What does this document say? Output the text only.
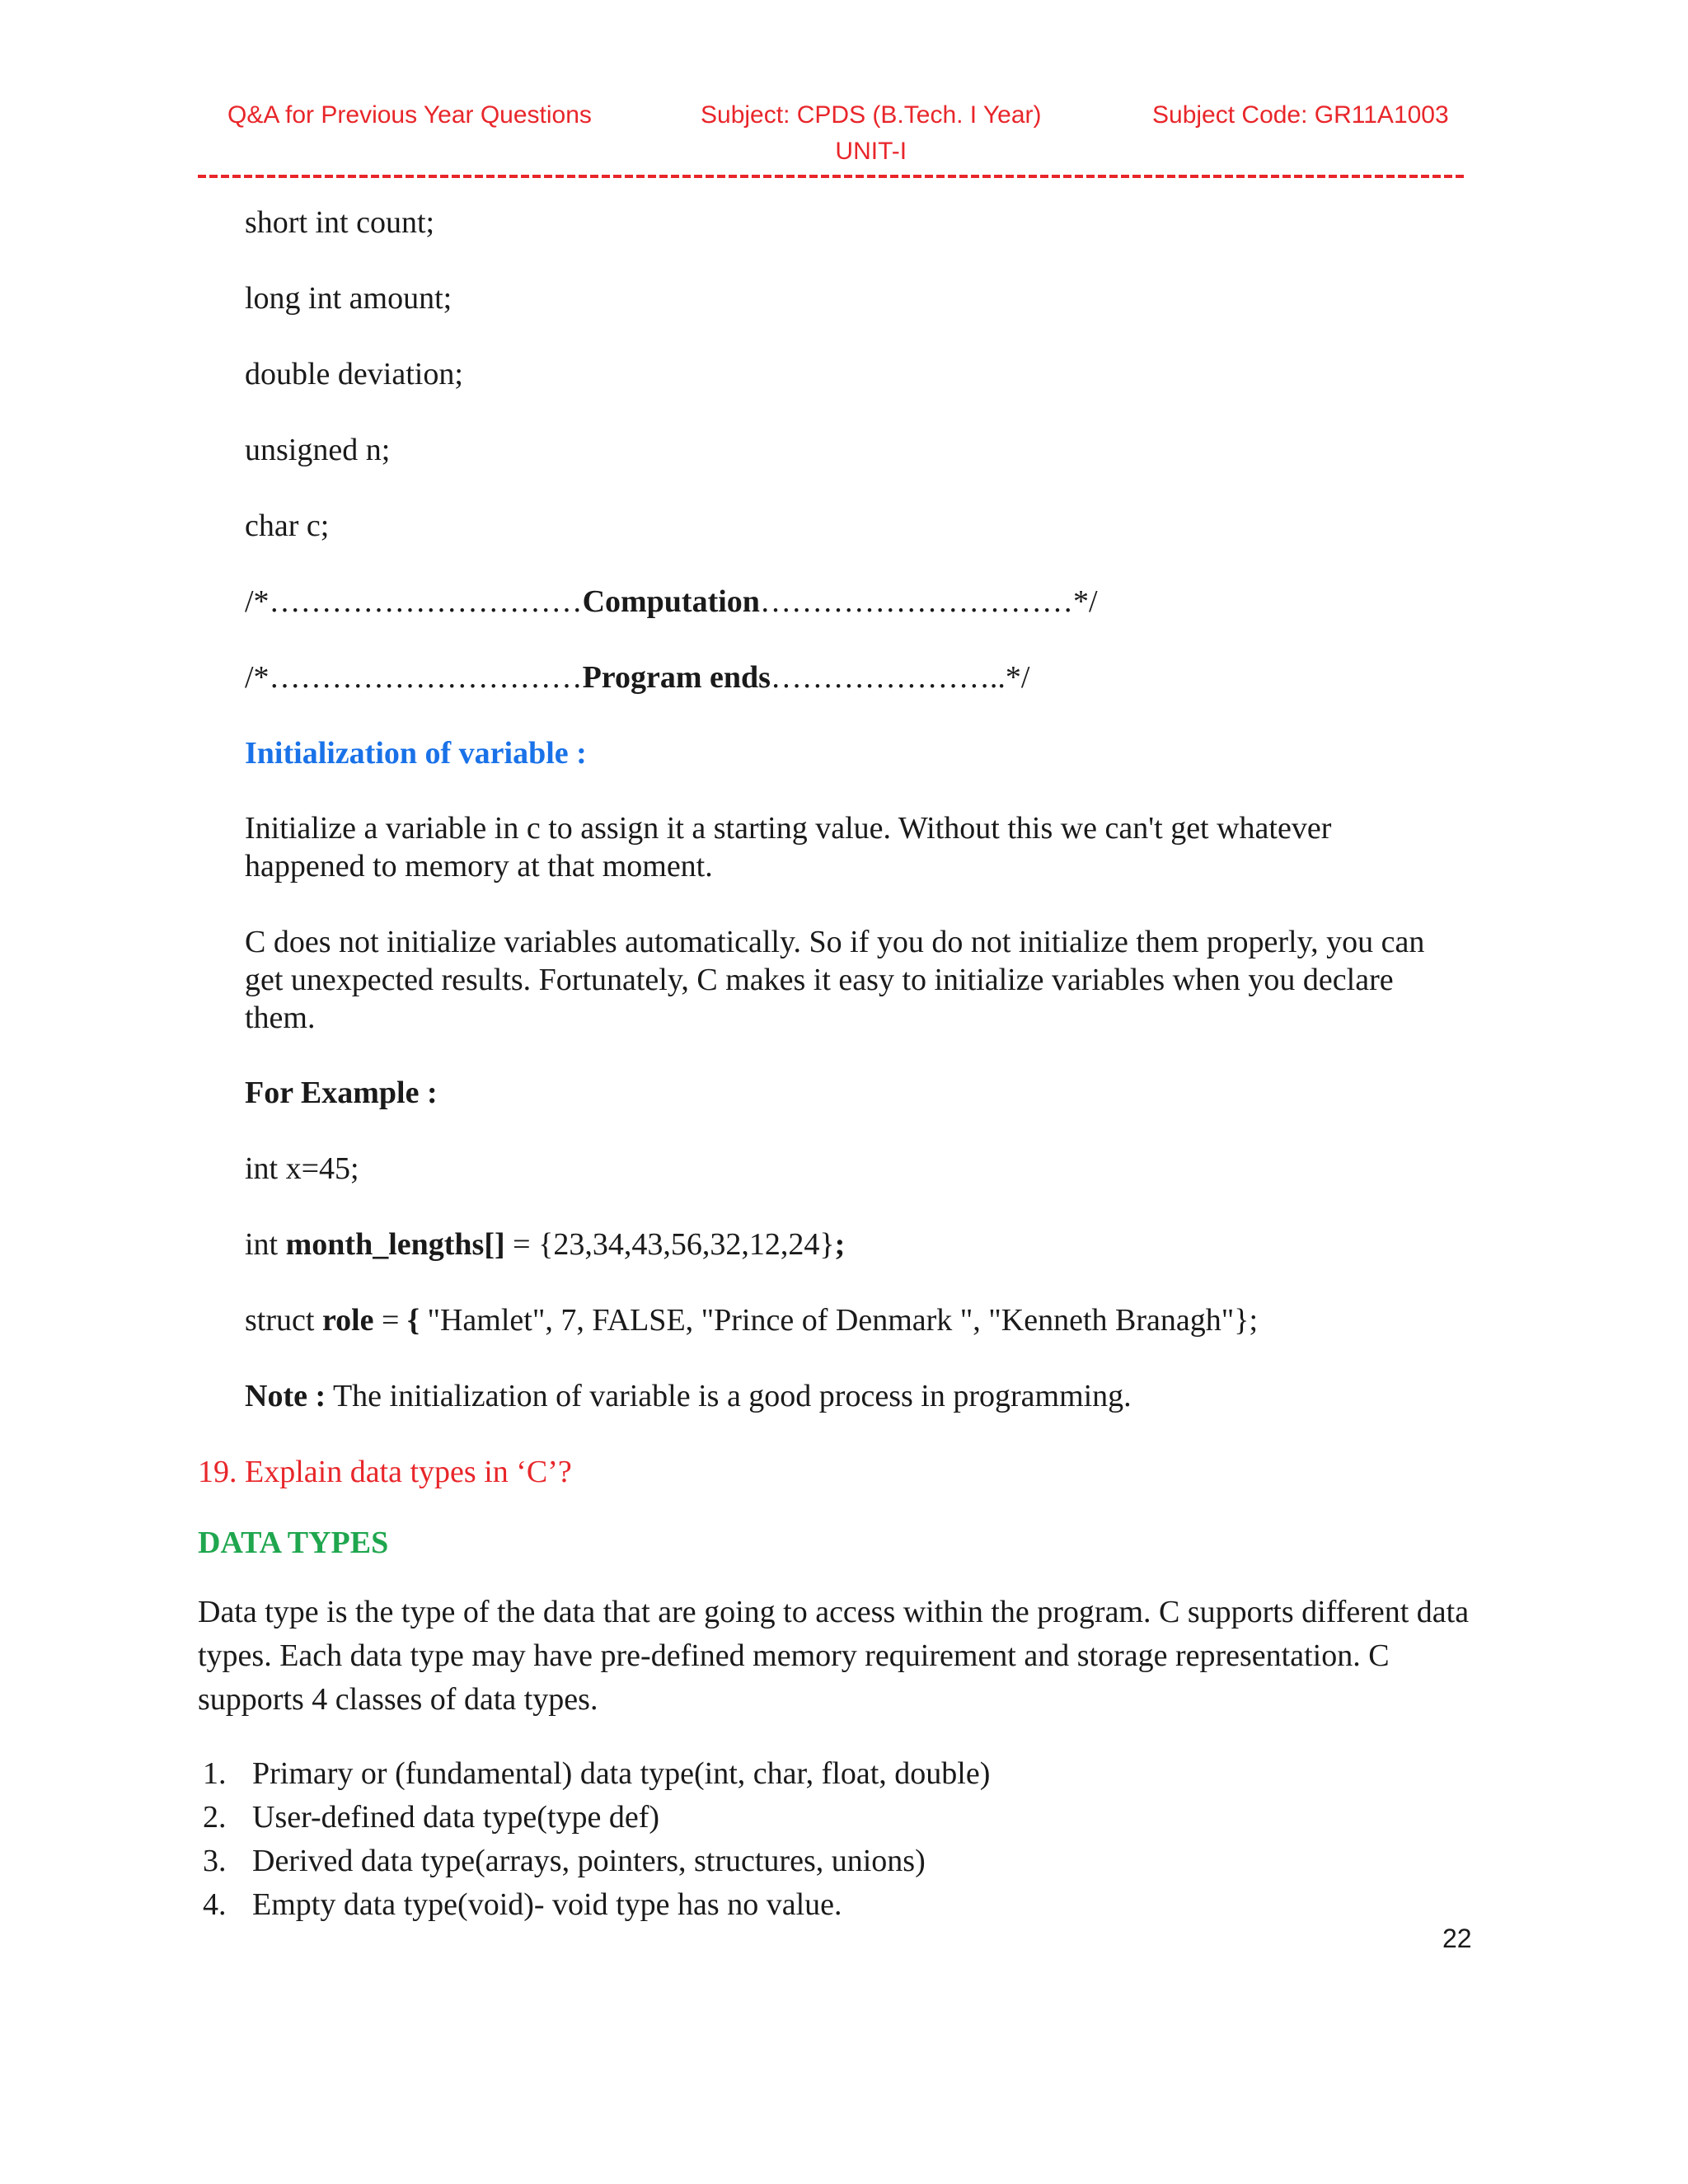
Q&A for Previous Year Questions	Subject: CPDS (B.Tech. I Year)
UNIT-I
Subject Code: GR11A1003
short int count;
long int amount;
double deviation;
unsigned n;
char c;
/*…………………………Computation…………………………*/
/*…………………………Program ends…………………..*/
Initialization of variable :
Initialize a variable in c to assign it a starting value. Without this we can't get whatever happened to memory at that moment.
C does not initialize variables automatically. So if you do not initialize them properly, you can get unexpected results. Fortunately, C makes it easy to initialize variables when you declare them.
For Example :
int x=45;
int month_lengths[] = {23,34,43,56,32,12,24};
struct role = { "Hamlet", 7, FALSE, "Prince of Denmark ", "Kenneth Branagh"};
Note : The initialization of variable is a good process in programming.
19. Explain data types in ‘C’?
DATA TYPES
Data type is the type of the data that are going to access within the program. C supports different data types. Each data type may have pre-defined memory requirement and storage representation. C supports 4 classes of data types.
1. Primary or (fundamental) data type(int, char, float, double)
2. User-defined data type(type def)
3. Derived data type(arrays, pointers, structures, unions)
4. Empty data type(void)- void type has no value.
22
